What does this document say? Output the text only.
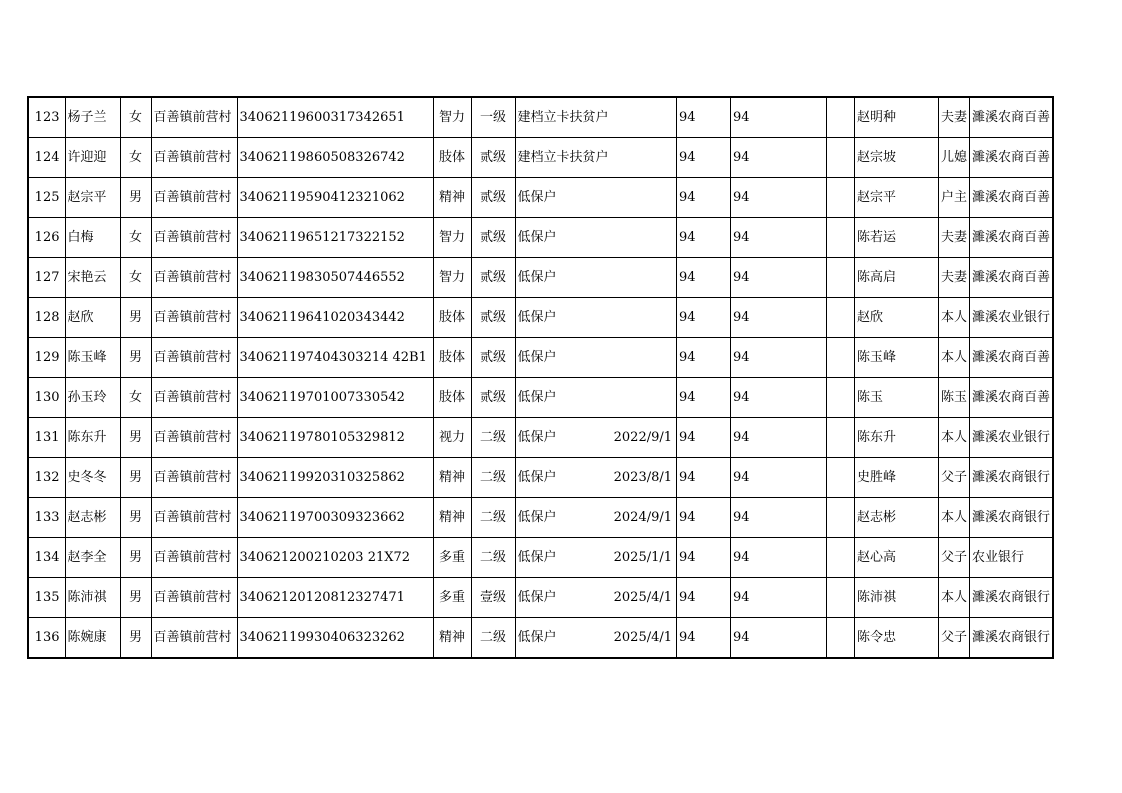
123	杨子兰	女	百善镇前营村	34062119600317342651	智力	一级	建档立卡扶贫户		94	94		赵明种	夫妻	濉溪农商百善
124	许迎迎	女	百善镇前营村	34062119860508326742	肢体	贰级	建档立卡扶贫户		94	94		赵宗坡	儿媳	濉溪农商百善
125	赵宗平	男	百善镇前营村	34062119590412321062	精神	贰级	低保户		94	94		赵宗平	户主	濉溪农商百善
126	白梅	女	百善镇前营村	34062119651217322152	智力	贰级	低保户		94	94		陈若运	夫妻	濉溪农商百善
127	宋艳云	女	百善镇前营村	34062119830507446552	智力	贰级	低保户		94	94		陈高启	夫妻	濉溪农商百善
128	赵欣	男	百善镇前营村	34062119641020343442	肢体	贰级	低保户		94	94		赵欣	本人	濉溪农业银行
129	陈玉峰	男	百善镇前营村	340621197404303214 42B1	肢体	贰级	低保户		94	94		陈玉峰	本人	濉溪农商百善
130	孙玉玲	女	百善镇前营村	34062119701007330542	肢体	贰级	低保户		94	94		陈玉	陈玉	濉溪农商百善
131	陈东升	男	百善镇前营村	34062119780105329812	视力	二级	低保户	2022/9/1	94	94		陈东升	本人	濉溪农业银行
132	史冬冬	男	百善镇前营村	34062119920310325862	精神	二级	低保户	2023/8/1	94	94		史胜峰	父子	濉溪农商银行
133	赵志彬	男	百善镇前营村	34062119700309323662	精神	二级	低保户	2024/9/1	94	94		赵志彬	本人	濉溪农商银行
134	赵李全	男	百善镇前营村	340621200210203 21X72	多重	二级	低保户	2025/1/1	94	94		赵心高	父子	农业银行
135	陈沛祺	男	百善镇前营村	34062120120812327471	多重	壹级	低保户	2025/4/1	94	94		陈沛祺	本人	濉溪农商银行
136	陈婉康	男	百善镇前营村	34062119930406323262	精神	二级	低保户	2025/4/1	94	94		陈令忠	父子	濉溪农商银行
